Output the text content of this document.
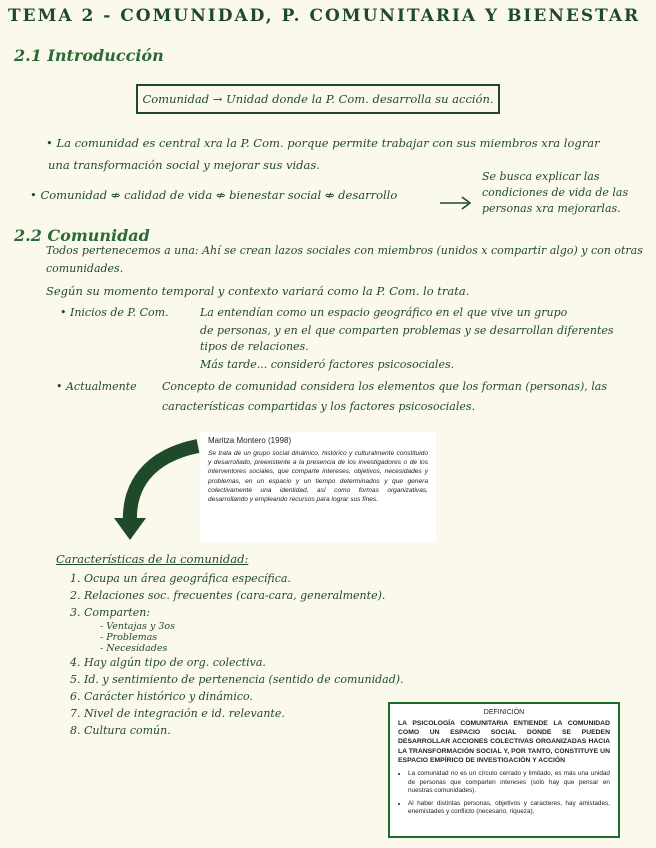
TEMA 2 - COMUNIDAD, P. COMUNITARIA Y BIENESTAR
2.1 Introducción
Comunidad → Unidad donde la P. Com. desarrolla su acción.
• La comunidad es central xra la P. Com. porque permite trabajar con sus miembros xra lograr
una transformación social y mejorar sus vidas.
• Comunidad ⇎ calidad de vida ⇎ bienestar social ⇎ desarrollo
Se busca explicar las
condiciones de vida de las
personas xra mejorarlas.
2.2 Comunidad
Todos pertenecemos a una: Ahí se crean lazos sociales con miembros (unidos x compartir algo) y con otras
comunidades.
Según su momento temporal y contexto variará como la P. Com. lo trata.
• Inicios de P. Com.	La entendían como un espacio geográfico en el que vive un grupo
de personas, y en el que comparten problemas y se desarrollan diferentes
tipos de relaciones.
Más tarde... consideró factores psicosociales.
• Actualmente Concepto de comunidad considera los elementos que los forman (personas), las
características compartidas y los factores psicosociales.
Maritza Montero (1998)
Se trata de un grupo social dinámico, histórico y culturalmente constituido y desarrollado, preexistente a la presencia de los investigadores o de los interventores sociales, que comparte intereses, objetivos, necesidades y problemas, en un espacio y un tiempo determinados y que genera colectivamente una identidad, así como formas organizativas, desarrollando y empleando recursos para lograr sus fines.
Características de la comunidad:
1. Ocupa un área geográfica específica.
2. Relaciones soc. frecuentes (cara-cara, generalmente).
3. Comparten:
- Ventajas y 3os
- Problemas
- Necesidades
4. Hay algún tipo de org. colectiva.
5. Id. y sentimiento de pertenencia (sentido de comunidad).
6. Carácter histórico y dinámico.
7. Nivel de integración e id. relevante.
8. Cultura común.
DEFINICIÓN
LA PSICOLOGÍA COMUNITARIA ENTIENDE LA COMUNIDAD COMO UN ESPACIO SOCIAL DONDE SE PUEDEN DESARROLLAR ACCIONES COLECTIVAS ORGANIZADAS HACIA LA TRANSFORMACIÓN SOCIAL Y, POR TANTO, CONSTITUYE UN ESPACIO EMPÍRICO DE INVESTIGACIÓN Y ACCIÓN
• La comunidad no es un círculo cerrado y limitado, es más una unidad de personas que comparten intereses (solo hay que pensar en nuestras comunidades).
• Al haber distintas personas, objetivos y caracteres, hay amistades, enemistades y conflicto (necesario, riqueza).
